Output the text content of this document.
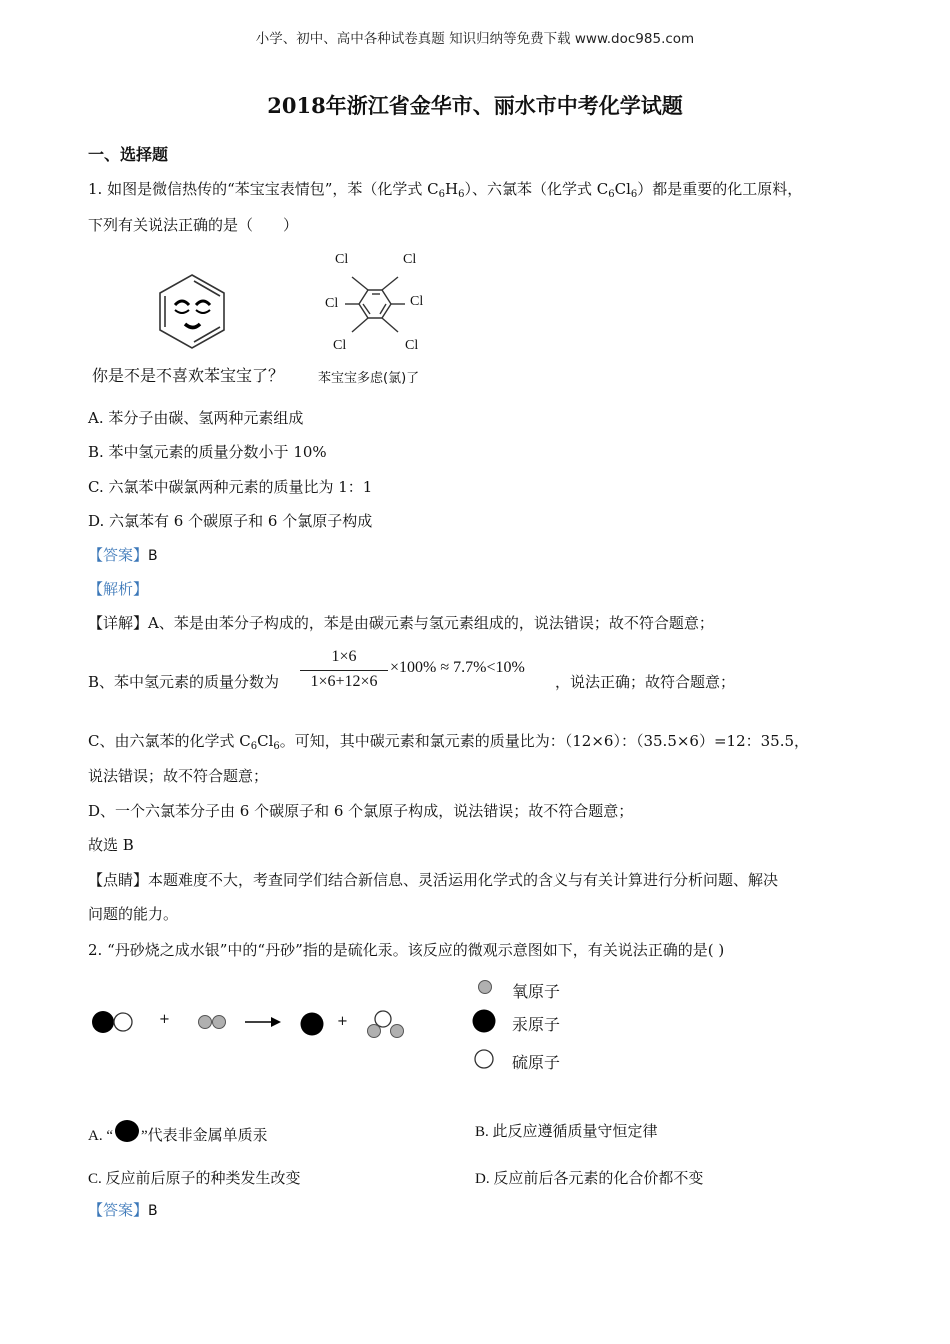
小学、初中、高中各种试卷真题 知识归纳等免费下载 www.doc985.com
2018年浙江省金华市、丽水市中考化学试题
一、选择题
1. 如图是微信热传的“苯宝宝表情包”，苯（化学式 $C_6H_6$）、六氯苯（化学式 $C_6Cl_6$）都是重要的化工原料，
下列有关说法正确的是（　　）
Cl	Cl
Cl	Cl
Cl	Cl
你是不是不喜欢苯宝宝了？	苯宝宝多虑(氯)了
A. 苯分子由碳、氢两种元素组成
B. 苯中氢元素的质量分数小于 10%
C. 六氯苯中碳氯两种元素的质量比为 1：1
D. 六氯苯有 6 个碳原子和 6 个氯原子构成
【答案】B
【解析】
【详解】A、苯是由苯分子构成的，苯是由碳元素与氢元素组成的，说法错误；故不符合题意；
B、苯中氢元素的质量分数为
1×6
1×6+12×6
×100% ≈ 7.7%<10%
，说法正确；故符合题意；
C、由六氯苯的化学式 $C_6Cl_6$。可知，其中碳元素和氯元素的质量比为：（12×6）：（35.5×6）=12：35.5，
说法错误；故不符合题意；
D、一个六氯苯分子由 6 个碳原子和 6 个氯原子构成，说法错误；故不符合题意；
故选 B
【点睛】本题难度不大，考查同学们结合新信息、灵活运用化学式的含义与有关计算进行分析问题、解决
问题的能力。
2. “丹砂烧之成水银”中的“丹砂”指的是硫化汞。该反应的微观示意图如下，有关说法正确的是( )
+	+
氧原子
汞原子
硫原子
A. “ ”代表非金属单质汞	B. 此反应遵循质量守恒定律
C. 反应前后原子的种类发生改变	D. 反应前后各元素的化合价都不变
【答案】B
